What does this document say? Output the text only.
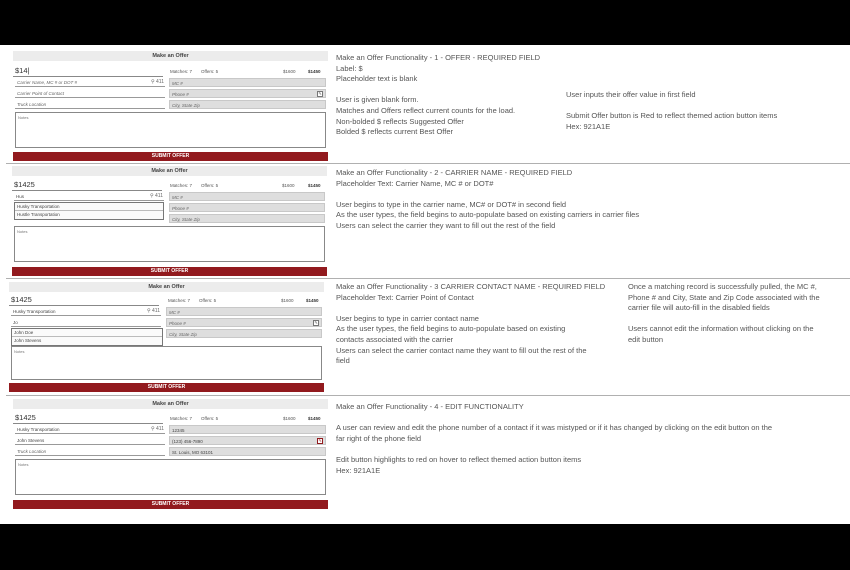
Make an Offer
$14|	Matches: 7 Offers: 5	$1600	$1450
Carrier Name, MC # or DOT #	⚲ 411
Carrier Point of Contact
Truck Location
MC #
Phone #	✎
City, State Zip
Notes
SUBMIT OFFER
Make an Offer Functionality - 1 - OFFER - REQUIRED FIELD
Label: $
Placeholder text is blank
User is given blank form.
Matches and Offers reflect current counts for the load.
Non-bolded $ reflects Suggested Offer
Bolded $ reflects current Best Offer
User inputs their offer value in first field
Submit Offer button is Red to reflect themed action button items
Hex: 921A1E
Make an Offer
$1425	Matches: 7 Offers: 5	$1600	$1450
Hus	⚲ 411
Husky Transportation
Hustle Transportation
MC #
Phone #
City, State Zip
Notes
SUBMIT OFFER
Make an Offer Functionality - 2 - CARRIER NAME - REQUIRED FIELD
Placeholder Text: Carrier Name, MC # or DOT#
User begins to type in the carrier name, MC# or DOT# in second field
As the user types, the field begins to auto-populate based on existing carriers in carrier files
Users can select the carrier they want to fill out the rest of the field
Make an Offer
$1425	Matches: 7 Offers: 5	$1600	$1450
Husky Transportation	⚲ 411
Jo
John Doe
John Stevens
MC #
Phone #	✎
City, State Zip
Notes
SUBMIT OFFER
Make an Offer Functionality - 3 CARRIER CONTACT NAME - REQUIRED FIELD
Placeholder Text: Carrier Point of Contact
User begins to type in carrier contact name
As the user types, the field begins to auto-populate based on existing
contacts associated with the carrier
Users can select the carrier contact name they want to fill out the rest of the
field
Once a matching record is successfully pulled, the MC #,
Phone # and City, State and Zip Code associated with the
carrier file will auto-fill in the disabled fields
Users cannot edit the information without clicking on the
edit button
Make an Offer
$1425	Matches: 7 Offers: 5	$1600	$1450
Husky Transportation	⚲ 411
John Stevens
Truck Location
12345
(123) 456-7890	✎
St. Louis, MO 63101
Notes
SUBMIT OFFER
Make an Offer Functionality - 4 - EDIT FUNCTIONALITY
A user can review and edit the phone number of a contact if it was mistyped or if it has changed by clicking on the edit button on the
far right of the phone field
Edit button highlights to red on hover to reflect themed action button items
Hex: 921A1E
